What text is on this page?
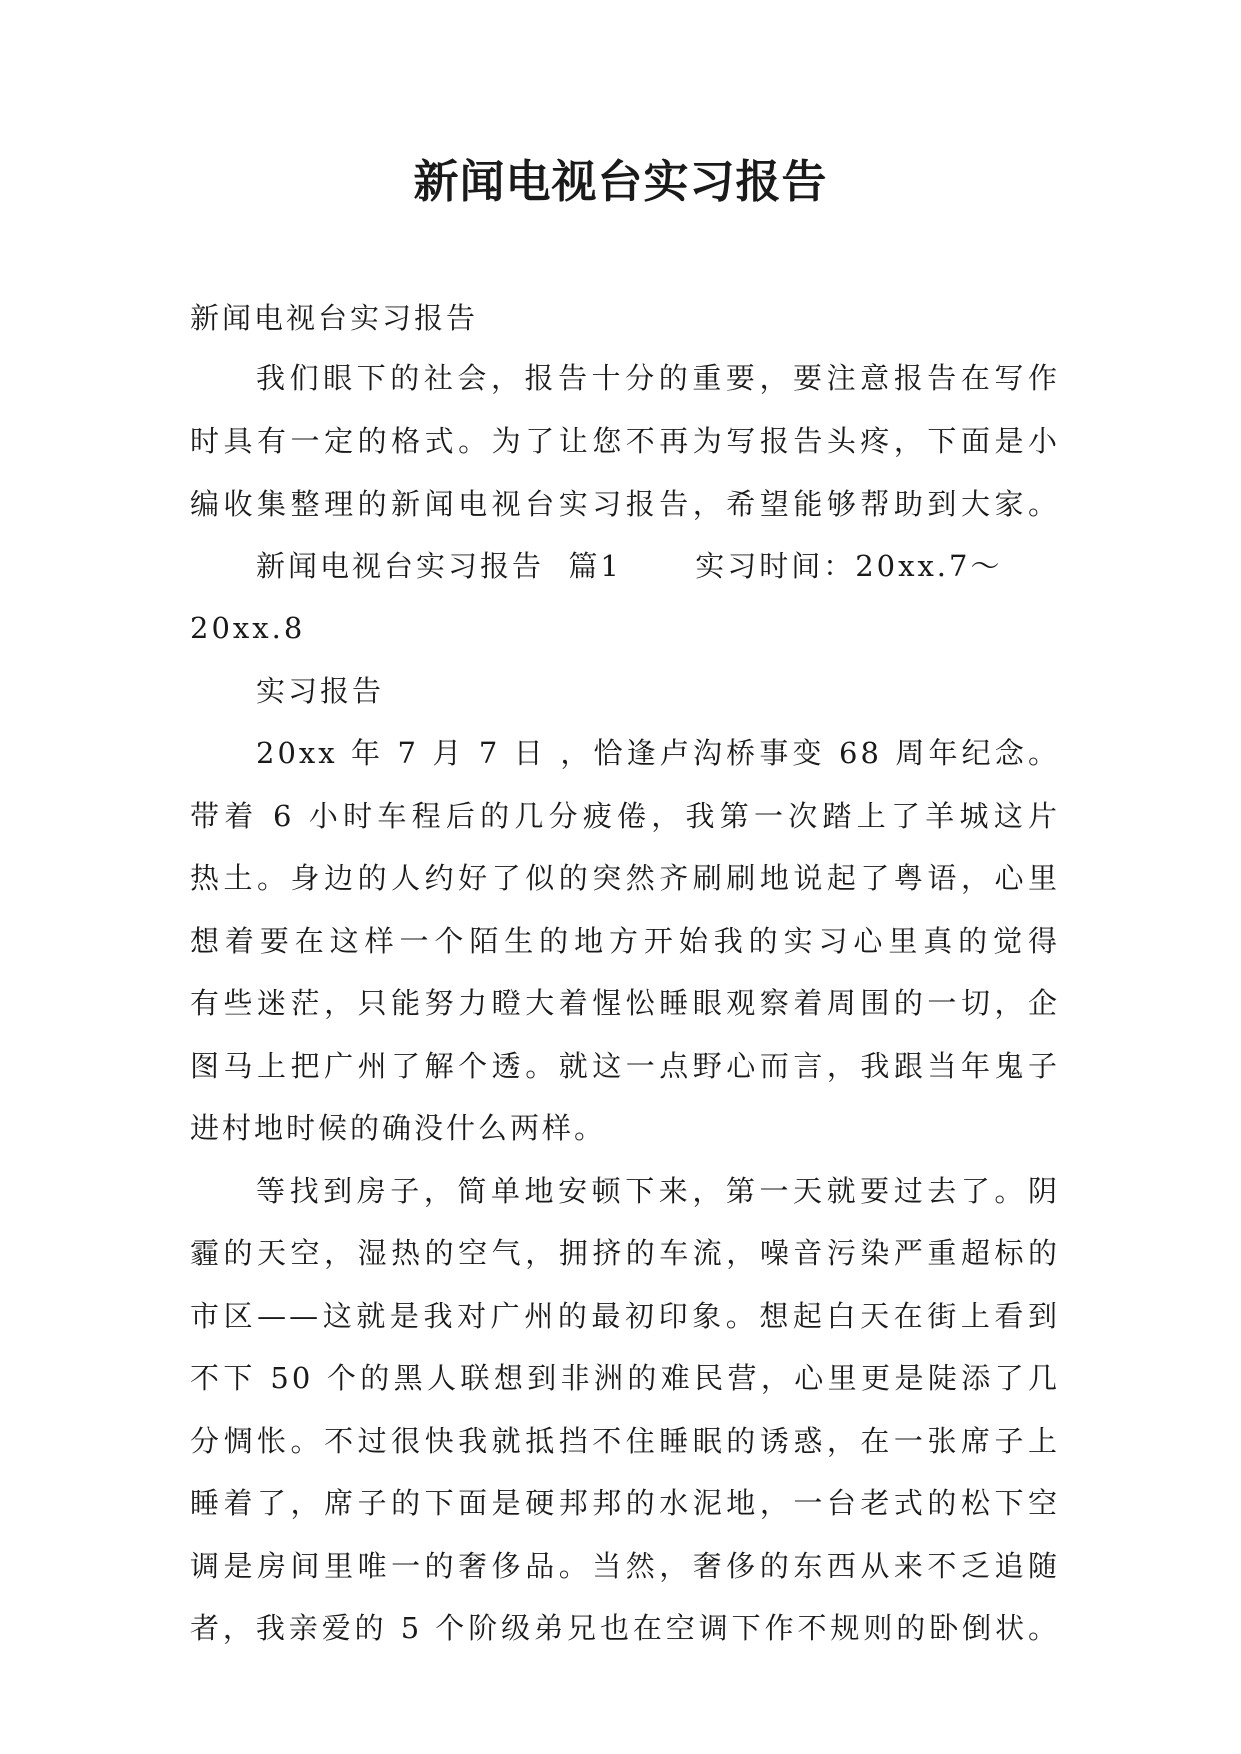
新闻电视台实习报告
新闻电视台实习报告
我们眼下的社会，报告十分的重要，要注意报告在写作
时具有一定的格式。为了让您不再为写报告头疼，下面是小
编收集整理的新闻电视台实习报告，希望能够帮助到大家。
新闻电视台实习报告  篇1      实习时间：20xx.7～
20xx.8
实习报告
20xx 年 7 月 7 日 ，恰逢卢沟桥事变 68 周年纪念。
带着 6 小时车程后的几分疲倦，我第一次踏上了羊城这片
热土。身边的人约好了似的突然齐刷刷地说起了粤语，心里
想着要在这样一个陌生的地方开始我的实习心里真的觉得
有些迷茫，只能努力瞪大着惺忪睡眼观察着周围的一切，企
图马上把广州了解个透。就这一点野心而言，我跟当年鬼子
进村地时候的确没什么两样。
等找到房子，简单地安顿下来，第一天就要过去了。阴
霾的天空，湿热的空气，拥挤的车流，噪音污染严重超标的
市区——这就是我对广州的最初印象。想起白天在街上看到
不下 50 个的黑人联想到非洲的难民营，心里更是陡添了几
分惆怅。不过很快我就抵挡不住睡眠的诱惑，在一张席子上
睡着了，席子的下面是硬邦邦的水泥地，一台老式的松下空
调是房间里唯一的奢侈品。当然，奢侈的东西从来不乏追随
者，我亲爱的 5 个阶级弟兄也在空调下作不规则的卧倒状。
